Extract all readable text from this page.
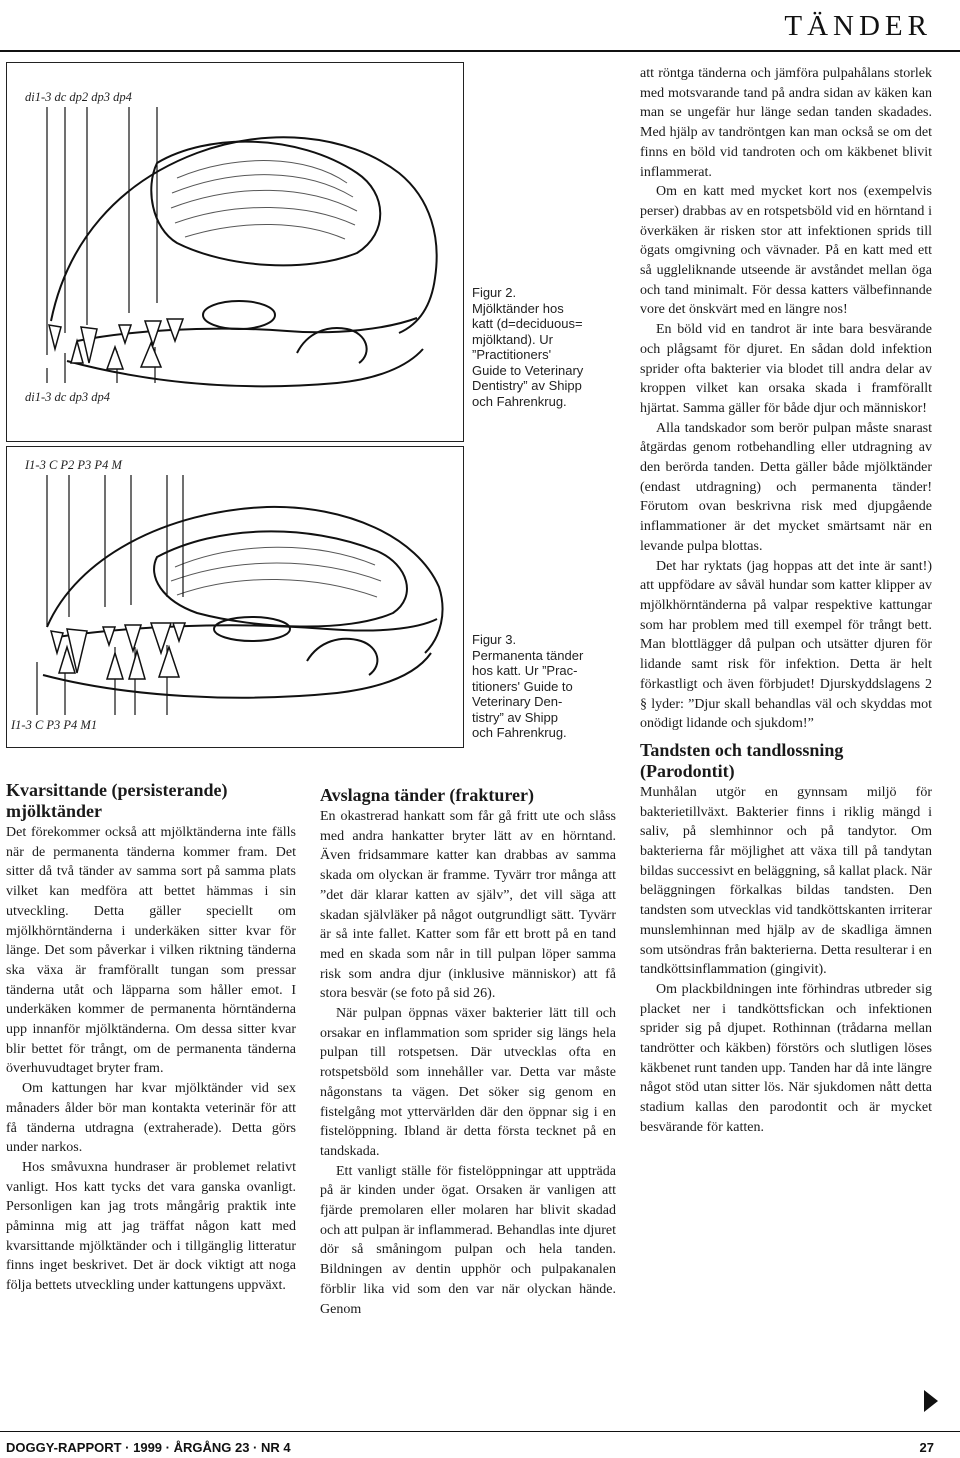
TÄNDER
di1-3 dc dp2 dp3 dp4
di1-3 dc dp3 dp4
I1-3 C P2 P3 P4 M
I1-3 C P3 P4 M1

Figur 2.

Mjölktänder hos

katt (d=deciduous=

mjölktand). Ur

”Practitioners'

Guide to Veterinary

Dentistry” av Shipp

och Fahrenkrug.

Figur 3.

Permanenta tänder

hos katt. Ur ”Prac-

titioners' Guide to

Veterinary Den-

tistry” av Shipp

och Fahrenkrug.

Kvarsittande (persisterande) mjölktänder

Det förekommer också att mjölktänderna inte fälls när de permanenta tänderna kommer fram. Det sitter då två tänder av samma sort på samma plats vilket kan medföra att bettet hämmas i sin utveckling. Detta gäller speciellt om mjölkhörntänderna i underkäken sitter kvar för länge. Det som påverkar i vilken riktning tänderna ska växa är framförallt tungan som pressar tänderna utåt och läpparna som håller emot. I underkäken kommer de permanenta hörntänderna upp innanför mjölktänderna. Om dessa sitter kvar blir bettet för trångt, om de permanenta tänderna överhuvudtaget bryter fram.

Om kattungen har kvar mjölktänder vid sex månaders ålder bör man kontakta veterinär för att få tänderna utdragna (extraherade). Detta görs under narkos.

Hos småvuxna hundraser är problemet relativt vanligt. Hos katt tycks det vara ganska ovanligt. Personligen kan jag trots mångårig praktik inte påminna mig att jag träffat någon katt med kvarsittande mjölktänder och i tillgänglig litteratur finns inget beskrivet. Det är dock viktigt att noga följa bettets utveckling under kattungens uppväxt.

Avslagna tänder (frakturer)

En okastrerad hankatt som får gå fritt ute och slåss med andra hankatter bryter lätt av en hörntand. Även fridsammare katter kan drabbas av samma skada om olyckan är framme. Tyvärr tror många att ”det där klarar katten av själv”, det vill säga att skadan självläker på något outgrundligt sätt. Tyvärr är så inte fallet. Katter som får ett brott på en tand med en skada som når in till pulpan löper samma risk som andra djur (inklusive människor) att få stora besvär (se foto på sid 26).

När pulpan öppnas växer bakterier lätt till och orsakar en inflammation som sprider sig längs hela pulpan till rotspetsen. Där utvecklas ofta en rotspetsböld som innehåller var. Detta var måste någonstans ta vägen. Det söker sig genom en fistelgång mot yttervärlden där den öppnar sig i en fistelöppning. Ibland är detta första tecknet på en tandskada.

Ett vanligt ställe för fistelöppningar att uppträda på är kinden under ögat. Orsaken är vanligen att fjärde premolaren eller molaren har blivit skadad och att pulpan är inflammerad. Behandlas inte djuret dör så småningom pulpan och hela tanden. Bildningen av dentin upphör och pulpakanalen förblir lika vid som den var när olyckan hände. Genom

att röntga tänderna och jämföra pulpahålans storlek med motsvarande tand på andra sidan av käken kan man se ungefär hur länge sedan tanden skadades. Med hjälp av tandröntgen kan man också se om det finns en böld vid tandroten och om käkbenet blivit inflammerat.

Om en katt med mycket kort nos (exempelvis perser) drabbas av en rotspetsböld vid en hörntand i överkäken är risken stor att infektionen sprids till ögats omgivning och vävnader. På en katt med ett så uggleliknande utseende är avståndet mellan öga och tand minimalt. För dessa katters välbefinnande vore det önskvärt med en längre nos!

En böld vid en tandrot är inte bara besvärande och plågsamt för djuret. En sådan dold infektion sprider ofta bakterier via blodet till andra delar av kroppen vilket kan orsaka skada i framförallt hjärtat. Samma gäller för både djur och människor!

Alla tandskador som berör pulpan måste snarast åtgärdas genom rotbehandling eller utdragning av den berörda tanden. Detta gäller både mjölktänder (endast utdragning) och permanenta tänder! Förutom ovan beskrivna risk med djupgående inflammationer är det mycket smärtsamt när en levande pulpa blottas.

Det har ryktats (jag hoppas att det inte är sant!) att uppfödare av såväl hundar som katter klipper av mjölkhörntänderna på valpar respektive kattungar som har problem med till exempel för trångt bett. Man blottlägger då pulpan och utsätter djuren för lidande samt risk för infektion. Detta är helt förkastligt och även förbjudet! Djurskyddslagens 2 § lyder: ”Djur skall behandlas väl och skyddas mot onödigt lidande och sjukdom!”

Tandsten och tandlossning (Parodontit)

Munhålan utgör en gynnsam miljö för bakterietillväxt. Bakterier finns i riklig mängd i saliv, på slemhinnor och på tandytor. Om bakterierna får möjlighet att växa till på tandytan bildas successivt en beläggning, så kallat plack. När beläggningen förkalkas bildas tandsten. Den tandsten som utvecklas vid tandköttskanten irriterar munslemhinnan med hjälp av de skadliga ämnen som utsöndras från bakterierna. Detta resulterar i en tandköttsinflammation (gingivit).

Om plackbildningen inte förhindras utbreder sig placket ner i tandköttsfickan och infektionen sprider sig på djupet. Rothinnan (trådarna mellan tandrötter och käkben) förstörs och slutligen löses käkbenet runt tanden upp. Tanden har då inte längre något stöd utan sitter lös. När sjukdomen nått detta stadium kallas den parodontit och är mycket besvärande för katten.

DOGGY-RAPPORT · 1999 · ÅRGÅNG 23 · NR 4	27
